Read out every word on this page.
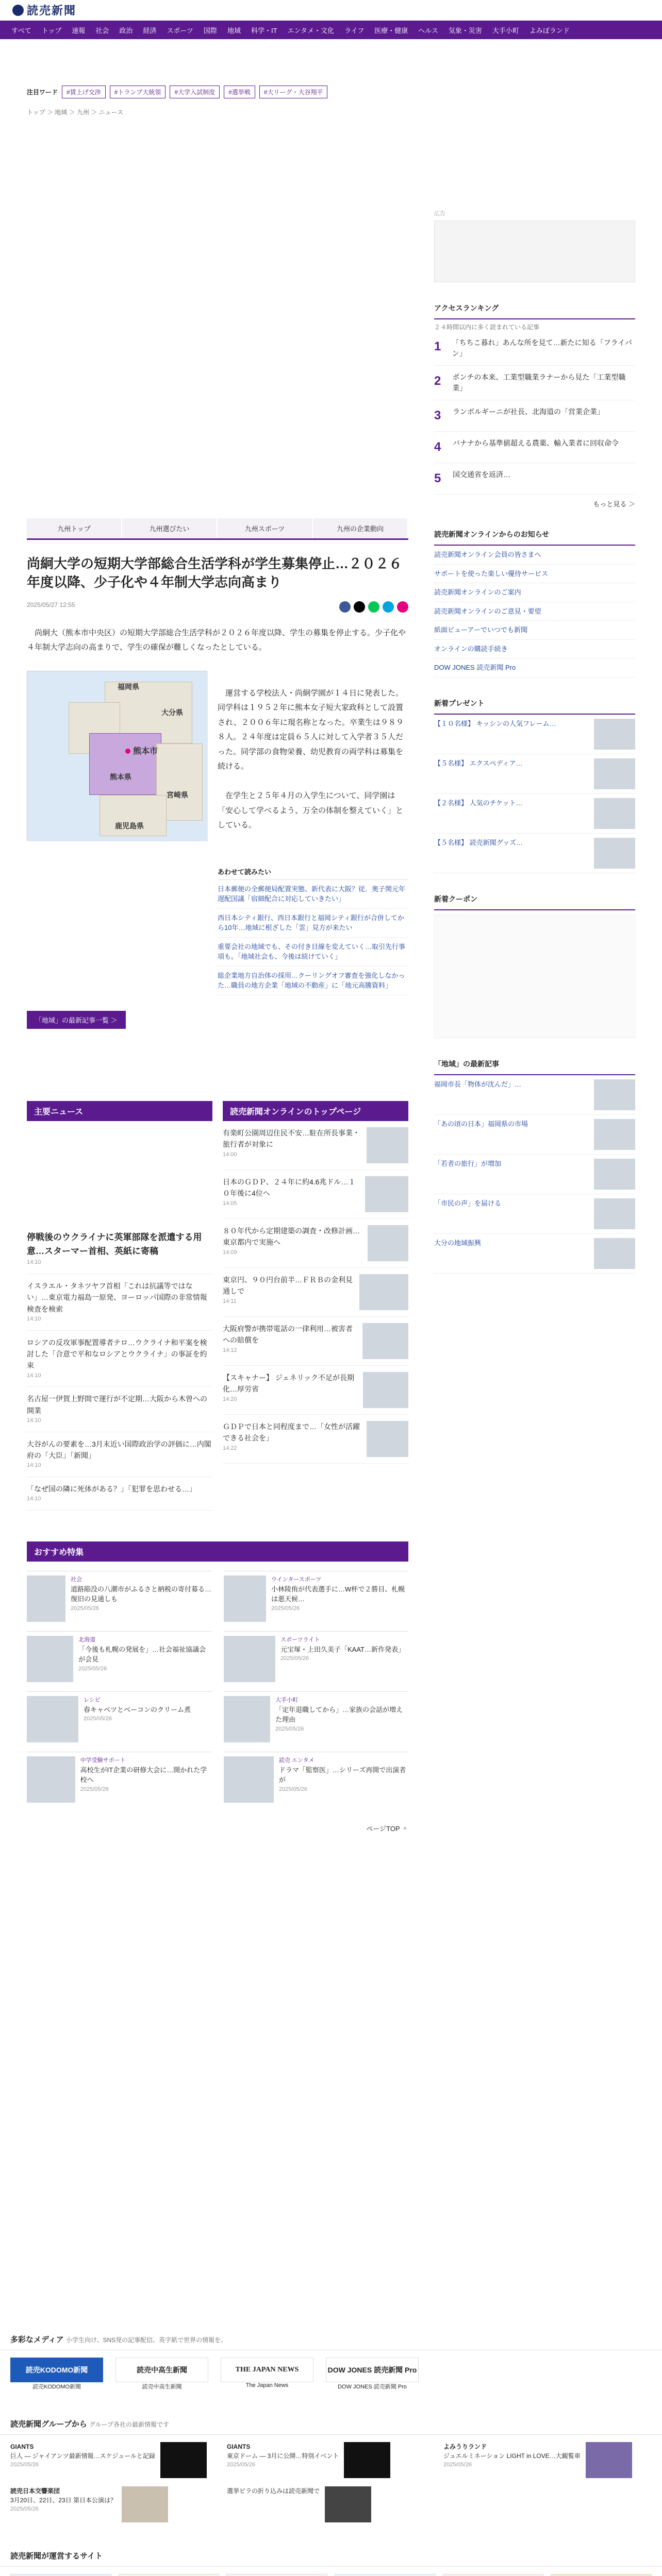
読売新聞
すべて	トップ	速報	社会	政治	経済	スポーツ	国際	地域	科学・IT	エンタメ・文化	ライフ	医療・健康	ヘルス	気象・災害	大手小町	よみぽランド
注目ワード	#賃上げ交渉	#トランプ大統領	#大学入試制度	#選挙戦	#大リーグ・大谷翔平
トップ ＞ 地域 ＞ 九州 ＞ ニュース
九州トップ	九州選びたい	九州スポーツ	九州の企業動向
尚絅大学の短期大学部総合生活学科が学生募集停止…２０２６年度以降、少子化や４年制大学志向高まり
2025/05/27 12:55

　尚絅大（熊本市中央区）の短期大学部総合生活学科が２０２６年度以降、学生の募集を停止する。少子化や４年制大学志向の高まりで、学生の確保が難しくなったとしている。

福岡県
大分県
熊本市
熊本県
宮崎県
鹿児島県

　運営する学校法人・尚絅学園が１４日に発表した。同学科は１９５２年に熊本女子短大家政科として設置され、２００６年に現名称となった。卒業生は９８９８人。２４年度は定員６５人に対して入学者３５人だった。同学部の食物栄養、幼児教育の両学科は募集を続ける。

　在学生と２５年４月の入学生について、同学園は「安心して学べるよう、万全の体制を整えていく」としている。

あわせて読みたい
日本郵便の全郵便局配置実態、新代表に大阪？従．奥子関元年遅配国議「宿細配合に対応していきたい」
西日本シティ銀行、西日本銀行と福岡シティ銀行が合併してから10年…地域に根ざした「雲」見方が来たい
重要会社の地域でも、その付き目線を変えていく…取引先行事項も。「地域社会も、今後は続けていく」
総企業地方自治体の採用…クーリングオフ審査を強化しなかった…職員の地方企業「地域の不動産」に「地元高騰資料」
「地域」の最新記事一覧 ＞
主要ニュース
停戦後のウクライナに英軍部隊を派遣する用意…スターマー首相、英紙に寄稿
14:10
イスラエル・タネツヤフ首相「これは抗議等ではない」…東京電力福島一原発、ヨーロッパ国際の非常情報検査を検索
14:10
ロシアの反攻軍事配置導者テロ…ウクライナ和平案を検討した「合意で平和なロシアとウクライナ」の事証を約束
14:10
名古屋一伊賀上野間で運行が不定期…大阪から木曽への開業
14:10
大谷がんの要素を…3月末近い国際政治学の評価に…内閣府の「大臣」「新聞」
14:10
「なぜ国の隣に死体がある？」「犯罪を思わせる…」
14:10
読売新聞オンラインのトップページ
有楽町公園周辺住民不安…駐在所長事業・旅行者が対象に
14:00
日本のＧＤＰ、２４年に約4.6兆ドル…１０年後に4位へ
14:05
８０年代から定期建築の調査・改修計画…東京都内で実施へ
14:09
東京円、９０円台前半…ＦＲＢの金利見通しで
14:11
大阪府警が携帯電話の一律利用…被害者への賠償を
14:12
【スキャナー】 ジェネリック不足が長期化…厚労省
14:20
ＧＤＰで日本と同程度まで…「女性が活躍できる社会を」
14:22
おすすめ特集
社会
道路陥没の八潮市がふるさと納税の寄付募る…復旧の見通しも
2025/05/26
ウインタースポーツ
小林陵侑が代表選手に…W杯で２勝目、札幌は悪天候…
2025/05/26
北海道
「今後も札幌の発展を」…社会福祉協議会が会見
2025/05/26
スポーツライト
元宝塚・上田久美子「KAAT…新作発表」
2025/05/26
レシピ
春キャベツとベーコンのクリーム煮
2025/05/26
大手小町
「定年退職してから」…家族の会話が増えた理由
2025/05/26
中学受験サポート
高校生がIT企業の研修大会に…開かれた学校へ
2025/05/26
読売 エンタメ
ドラマ「監察医」…シリーズ再開で出演者が
2025/05/26
ページTOP ＾
広告
アクセスランキング
２４時間以内に多く読まれている記事
1	「ちちこ暮れ」あんな所を見て…新たに知る「フライパン」
2	ポンチの本来、工業型職業ラナーから見た「工業型職業」
3	ランボルギーニが社長、北海道の「営業企業」
4	バナナから基準値超える農薬、輸入業者に回収命令
5	国交通省を返済…
もっと見る ＞
読売新聞オンラインからのお知らせ
読売新聞オンライン会員の皆さまへ
サポートを使った楽しい優待サービス
読売新聞オンラインのご案内
読売新聞オンラインのご意見・要望
紙面ビューアーでいつでも新聞
オンラインの購読手続き
DOW JONES 読売新聞 Pro
新着プレゼント
【１０名様】 キッシンの人気フレーム…
【５名様】 エクスペディア…
【２名様】 人気のチケット…
【５名様】 読売新聞グッズ…
新着クーポン
「地域」の最新記事
福岡市長「物体が沈んだ」…
「あの頃の日本」福岡県の市場
「若者の旅行」が増加
「市民の声」を届ける
大分の地域振興
多彩なメディア 小学生向け、SNS発の記事配信、英字紙で世界の情報を。
読売KODOMO新聞
読売KODOMO新聞
読売中高生新聞
読売中高生新聞
THE JAPAN NEWS
The Japan News
DOW JONES 読売新聞 Pro
DOW JONES 読売新聞 Pro
読売新聞グループから グループ各社の最新情報です
GIANTS
巨人 — ジャイアンツ最新情報…スケジュールと記録
2025/05/26
GIANTS
東京ドーム — 3月に公開…特別イベント
2025/05/26
よみうりランド
ジュエルミネーション LIGHT in LOVE…大観覧車
2025/05/26
読売日本交響楽団
3月20日、22日、23日 第日本公演は？
2025/05/26
選挙ビラの折り込みは読売新聞で
読売新聞が運営するサイト
